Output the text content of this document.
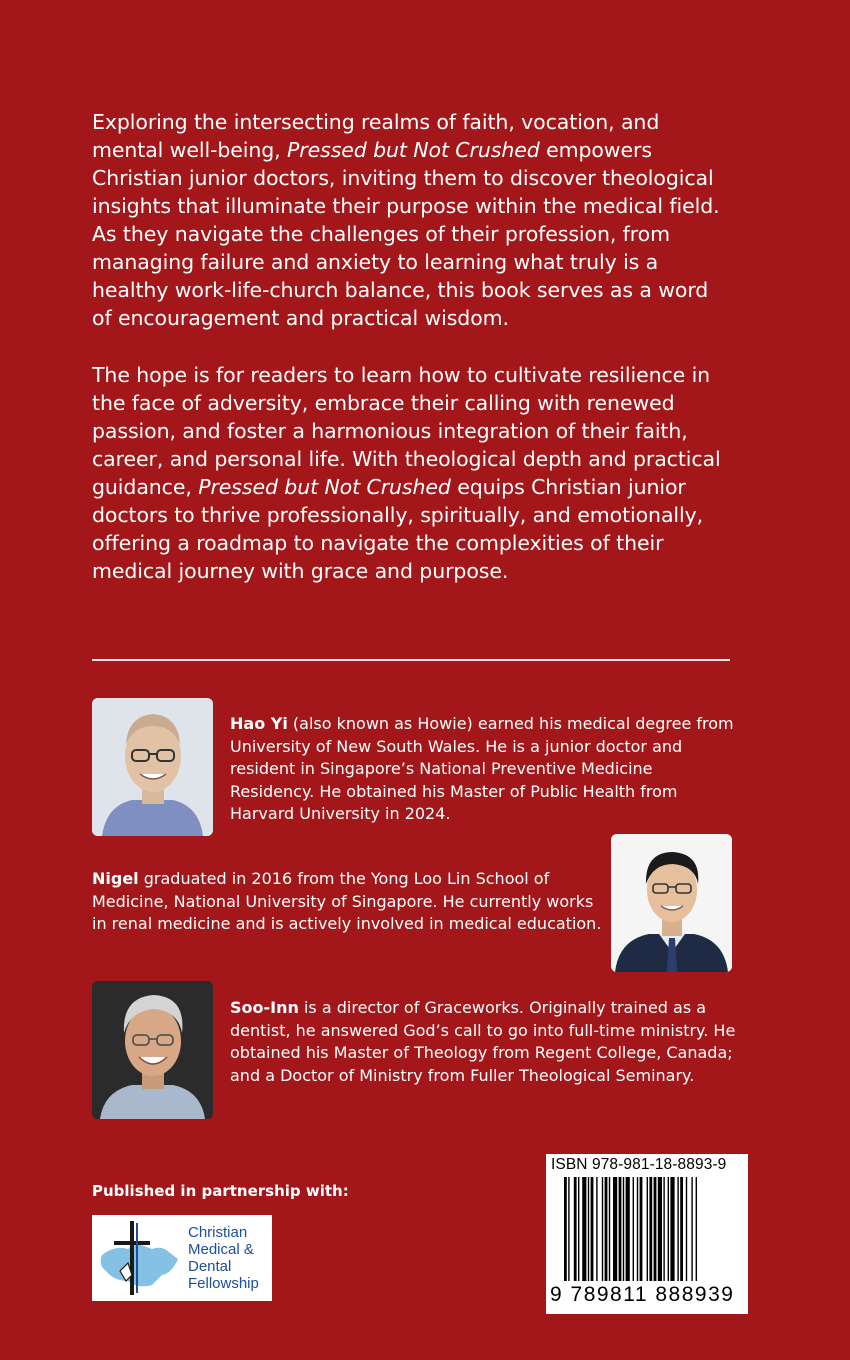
Exploring the intersecting realms of faith, vocation, and mental well-being, Pressed but Not Crushed empowers Christian junior doctors, inviting them to discover theological insights that illuminate their purpose within the medical field. As they navigate the challenges of their profession, from managing failure and anxiety to learning what truly is a healthy work-life-church balance, this book serves as a word of encouragement and practical wisdom.

The hope is for readers to learn how to cultivate resilience in the face of adversity, embrace their calling with renewed passion, and foster a harmonious integration of their faith, career, and personal life. With theological depth and practical guidance, Pressed but Not Crushed equips Christian junior doctors to thrive professionally, spiritually, and emotionally, offering a roadmap to navigate the complexities of their medical journey with grace and purpose.

Hao Yi (also known as Howie) earned his medical degree from University of New South Wales. He is a junior doctor and resident in Singapore’s National Preventive Medicine Residency. He obtained his Master of Public Health from Harvard University in 2024.

Nigel graduated in 2016 from the Yong Loo Lin School of Medicine, National University of Singapore. He currently works in renal medicine and is actively involved in medical education.

Soo-Inn is a director of Graceworks. Originally trained as a dentist, he answered God’s call to go into full-time ministry. He obtained his Master of Theology from Regent College, Canada; and a Doctor of Ministry from Fuller Theological Seminary.

Published in partnership with:

Christian
Medical &
Dental
Fellowship
ISBN 978-981-18-8893-9
9 789811 888939
